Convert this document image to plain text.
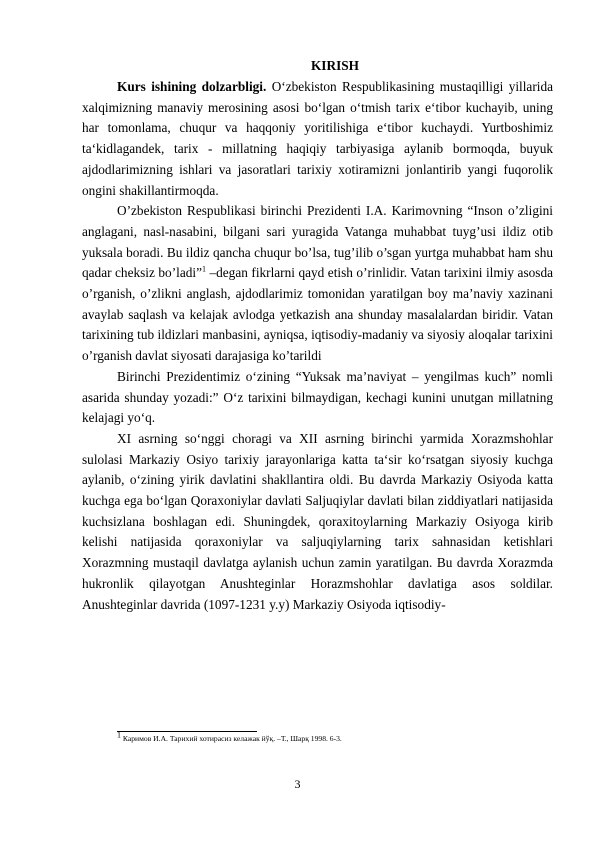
KIRISH

Kurs ishining dolzarbligi. O‘zbekiston Respublikasining mustaqilligi yillarida xalqimizning manaviy merosining asosi bo‘lgan o‘tmish tarix e‘tibor kuchayib, uning har tomonlama, chuqur va haqqoniy yoritilishiga e‘tibor kuchaydi. Yurtboshimiz ta‘kidlagandek, tarix - millatning haqiqiy tarbiyasiga aylanib bormoqda, buyuk ajdodlarimizning ishlari va jasoratlari tarixiy xotiramizni jonlantirib yangi fuqorolik ongini shakillantirmoqda.

O’zbekiston Respublikasi birinchi Prezidenti I.A. Karimovning “Inson o’zligini anglagani, nasl-nasabini, bilgani sari yuragida Vatanga muhabbat tuyg’usi ildiz otib yuksala boradi. Bu ildiz qancha chuqur bo’lsa, tug’ilib o’sgan yurtga muhabbat ham shu qadar cheksiz bo’ladi”$^1$ –degan fikrlarni qayd etish o’rinlidir. Vatan tarixini ilmiy asosda o’rganish, o’zlikni anglash, ajdodlarimiz tomonidan yaratilgan boy ma’naviy xazinani avaylab saqlash va kelajak avlodga yetkazish ana shunday masalalardan biridir. Vatan tarixining tub ildizlari manbasini, ayniqsa, iqtisodiy-madaniy va siyosiy aloqalar tarixini o’rganish davlat siyosati darajasiga ko’tarildi

Birinchi Prezidentimiz o‘zining “Yuksak ma’naviyat – yengilmas kuch” nomli asarida shunday yozadi:” O‘z tarixini bilmaydigan, kechagi kunini unutgan millatning kelajagi yo‘q.

XI asrning so‘nggi choragi va XII asrning birinchi yarmida Xorazmshohlar sulolasi Markaziy Osiyo tarixiy jarayonlariga katta ta‘sir ko‘rsatgan siyosiy kuchga aylanib, o‘zining yirik davlatini shakllantira oldi. Bu davrda Markaziy Osiyoda katta kuchga ega bo‘lgan Qoraxoniylar davlati Saljuqiylar davlati bilan ziddiyatlari natijasida kuchsizlana boshlagan edi. Shuningdek, qoraxitoylarning Markaziy Osiyoga kirib kelishi natijasida qoraxoniylar va saljuqiylarning tarix sahnasidan ketishlari Xorazmning mustaqil davlatga aylanish uchun zamin yaratilgan. Bu davrda Xorazmda hukronlik qilayotgan Anushteginlar Horazmshohlar davlatiga asos soldilar. Anushteginlar davrida (1097-1231 y.y) Markaziy Osiyoda iqtisodiy-

$^1$ Каримов И.А. Тарихий хотирасиз келажак йўқ. –Т., Шарқ 1998. 6-3.
3
